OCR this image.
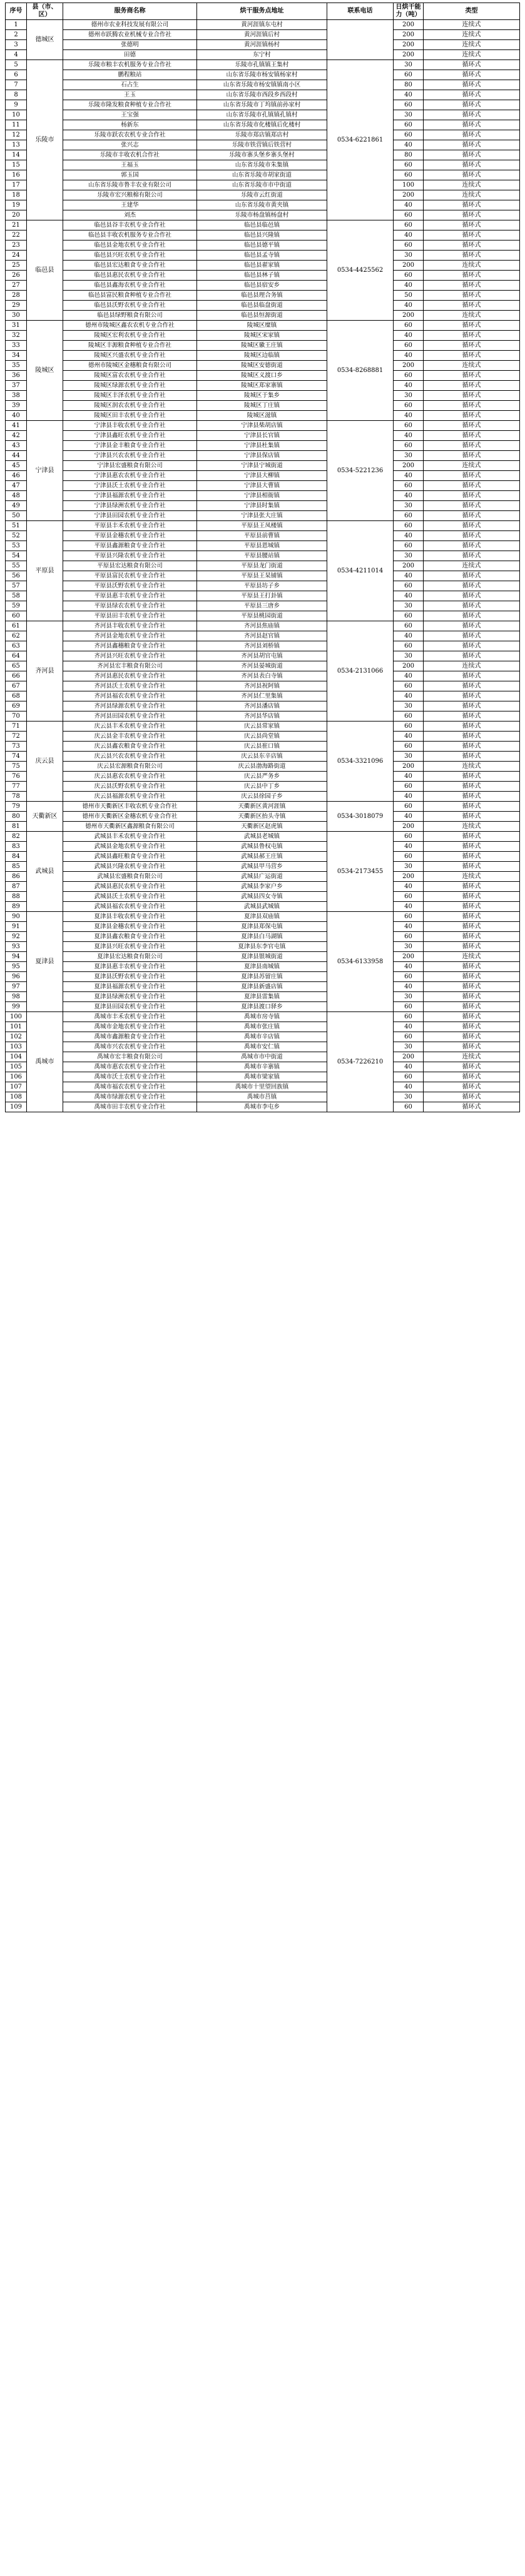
序号	县（市、区）	服务商名称	烘干服务点地址	联系电话	日烘干能力（吨）	类型
1	德城区	德州市农业科技发展有限公司	黄河涯镇东屯村		200	连续式
2		德州市跃腾农业机械专业合作社	黄河涯镇后村		200	连续式
3		张德明	黄河涯镇杨村		200	连续式
4		田德	东宁村		200	连续式
5	乐陵市	乐陵市粮丰农机服务专业合作社	乐陵市孔镇镇王集村	0534-6221861	30	循环式
6		鹏程粮站	山东省乐陵市杨安镇杨家村		60	循环式
7		石占生	山东省乐陵市杨安镇镇南小区		80	循环式
8		王玉	山东省乐陵市西段乡西段村		40	循环式
9		乐陵市隆发粮食种植专业合作社	山东省乐陵市丁坞镇前孙家村		60	循环式
10		王宝强	山东省乐陵市孔镇镇孔镇村		30	循环式
11		杨新东	山东省乐陵市化楼镇后化楼村		60	循环式
12		乐陵市跃农农机专业合作社	乐陵市郑店镇郑店村		60	循环式
13		张兴志	乐陵市铁营镇后铁营村		40	循环式
14		乐陵市丰收农机合作社	乐陵市寨头堡乡寨头堡村		80	循环式
15		王福玉	山东省乐陵市朱集镇		60	循环式
16		郭玉国	山东省乐陵市胡家街道		60	循环式
17		山东省乐陵市鲁丰农业有限公司	山东省乐陵市市中街道		100	连续式
18		乐陵市宏兴粮棉有限公司	乐陵市云红街道		200	连续式
19		王建华	山东省乐陵市黄夹镇		40	循环式
20		刘杰	乐陵市杨盘镇杨盘村		60	循环式
21	临邑县	临邑县谷丰农机专业合作社	临邑县临邑镇	0534-4425562	60	循环式
22		临邑县丰收农机服务专业合作社	临邑县兴隆镇		40	循环式
23		临邑县金地农机专业合作社	临邑县德平镇		60	循环式
24		临邑县兴旺农机专业合作社	临邑县孟寺镇		30	循环式
25		临邑县宏达粮食专业合作社	临邑县翟家镇		200	连续式
26		临邑县惠民农机专业合作社	临邑县林子镇		60	循环式
27		临邑县鑫海农机专业合作社	临邑县宿安乡		40	循环式
28		临邑县富民粮食种植专业合作社	临邑县理合务镇		50	循环式
29		临邑县沃野农机专业合作社	临邑县临盘街道		40	循环式
30		临邑县绿野粮食有限公司	临邑县恒源街道		200	连续式
31	陵城区	德州市陵城区鑫农农机专业合作社	陵城区糜镇	0534-8268881	60	循环式
32		陵城区宏利农机专业合作社	陵城区宋家镇		40	循环式
33		陵城区丰源粮食种植专业合作社	陵城区徽王庄镇		60	循环式
34		陵城区兴盛农机专业合作社	陵城区边临镇		40	循环式
35		德州市陵城区金穗粮食有限公司	陵城区安德街道		200	连续式
36		陵城区富农农机专业合作社	陵城区义渡口乡		60	循环式
37		陵城区绿源农机专业合作社	陵城区郑家寨镇		40	循环式
38		陵城区丰泽农机专业合作社	陵城区于集乡		30	循环式
39		陵城区润农农机专业合作社	陵城区丁庄镇		60	循环式
40		陵城区田丰农机专业合作社	陵城区滋镇		40	循环式
41	宁津县	宁津县丰收农机专业合作社	宁津县柴胡店镇	0534-5221236	60	循环式
42		宁津县鑫旺农机专业合作社	宁津县长官镇		40	循环式
43		宁津县金丰粮食专业合作社	宁津县杜集镇		60	循环式
44		宁津县兴农农机专业合作社	宁津县保店镇		30	循环式
45		宁津县宏盛粮食有限公司	宁津县宁城街道		200	连续式
46		宁津县惠农农机专业合作社	宁津县大柳镇		40	循环式
47		宁津县沃土农机专业合作社	宁津县大曹镇		60	循环式
48		宁津县福源农机专业合作社	宁津县相衙镇		40	循环式
49		宁津县绿洲农机专业合作社	宁津县时集镇		30	循环式
50		宁津县田园农机专业合作社	宁津县张大庄镇		60	循环式
51	平原县	平原县丰禾农机专业合作社	平原县王凤楼镇	0534-4211014	60	循环式
52		平原县金穗农机专业合作社	平原县前曹镇		40	循环式
53		平原县鑫源粮食专业合作社	平原县恩城镇		60	循环式
54		平原县兴隆农机专业合作社	平原县腰站镇		30	循环式
55		平原县宏达粮食有限公司	平原县龙门街道		200	连续式
56		平原县富民农机专业合作社	平原县王杲铺镇		40	循环式
57		平原县沃野农机专业合作社	平原县坊子乡		60	循环式
58		平原县惠丰农机专业合作社	平原县王打卦镇		40	循环式
59		平原县绿农农机专业合作社	平原县三唐乡		30	循环式
60		平原县田丰农机专业合作社	平原县桃园街道		60	循环式
61	齐河县	齐河县丰收农机专业合作社	齐河县焦庙镇	0534-2131066	60	循环式
62		齐河县金地农机专业合作社	齐河县赵官镇		40	循环式
63		齐河县鑫穗粮食专业合作社	齐河县刘桥镇		60	循环式
64		齐河县兴旺农机专业合作社	齐河县胡官屯镇		30	循环式
65		齐河县宏丰粮食有限公司	齐河县晏城街道		200	连续式
66		齐河县惠民农机专业合作社	齐河县表白寺镇		40	循环式
67		齐河县沃土农机专业合作社	齐河县祝阿镇		60	循环式
68		齐河县福农农机专业合作社	齐河县仁里集镇		40	循环式
69		齐河县绿源农机专业合作社	齐河县潘店镇		30	循环式
70		齐河县田园农机专业合作社	齐河县华店镇		60	循环式
71	庆云县	庆云县丰禾农机专业合作社	庆云县常家镇	0534-3321096	60	循环式
72		庆云县金丰农机专业合作社	庆云县尚堂镇		40	循环式
73		庆云县鑫农粮食专业合作社	庆云县崔口镇		60	循环式
74		庆云县兴农农机专业合作社	庆云县东辛店镇		30	循环式
75		庆云县宏源粮食有限公司	庆云县渤海路街道		200	连续式
76		庆云县惠农农机专业合作社	庆云县严务乡		40	循环式
77		庆云县沃野农机专业合作社	庆云县中丁乡		60	循环式
78		庆云县福源农机专业合作社	庆云县徐园子乡		40	循环式
79	天衢新区	德州市天衢新区丰收农机专业合作社	天衢新区黄河涯镇	0534-3018079	60	循环式
80		德州市天衢新区金穗农机专业合作社	天衢新区抬头寺镇		40	循环式
81		德州市天衢新区鑫源粮食有限公司	天衢新区赵虎镇		200	连续式
82	武城县	武城县丰禾农机专业合作社	武城县老城镇	0534-2173455	60	循环式
83		武城县金地农机专业合作社	武城县鲁权屯镇		40	循环式
84		武城县鑫旺粮食专业合作社	武城县郝王庄镇		60	循环式
85		武城县兴隆农机专业合作社	武城县甲马营乡		30	循环式
86		武城县宏盛粮食有限公司	武城县广运街道		200	连续式
87		武城县惠民农机专业合作社	武城县李家户乡		40	循环式
88		武城县沃土农机专业合作社	武城县四女寺镇		60	循环式
89		武城县福农农机专业合作社	武城县武城镇		40	循环式
90	夏津县	夏津县丰收农机专业合作社	夏津县双庙镇	0534-6133958	60	循环式
91		夏津县金穗农机专业合作社	夏津县郑保屯镇		40	循环式
92		夏津县鑫农粮食专业合作社	夏津县白马湖镇		60	循环式
93		夏津县兴旺农机专业合作社	夏津县东李官屯镇		30	循环式
94		夏津县宏达粮食有限公司	夏津县银城街道		200	连续式
95		夏津县惠丰农机专业合作社	夏津县南城镇		40	循环式
96		夏津县沃野农机专业合作社	夏津县苏留庄镇		60	循环式
97		夏津县福源农机专业合作社	夏津县新盛店镇		40	循环式
98		夏津县绿洲农机专业合作社	夏津县雷集镇		30	循环式
99		夏津县田园农机专业合作社	夏津县渡口驿乡		60	循环式
100	禹城市	禹城市丰禾农机专业合作社	禹城市房寺镇	0534-7226210	60	循环式
101		禹城市金地农机专业合作社	禹城市张庄镇		40	循环式
102		禹城市鑫源粮食专业合作社	禹城市辛店镇		60	循环式
103		禹城市兴农农机专业合作社	禹城市安仁镇		30	循环式
104		禹城市宏丰粮食有限公司	禹城市市中街道		200	连续式
105		禹城市惠农农机专业合作社	禹城市辛寨镇		40	循环式
106		禹城市沃土农机专业合作社	禹城市梁家镇		60	循环式
107		禹城市福农农机专业合作社	禹城市十里望回族镇		40	循环式
108		禹城市绿源农机专业合作社	禹城市莒镇		30	循环式
109		禹城市田丰农机专业合作社	禹城市李屯乡		60	循环式
